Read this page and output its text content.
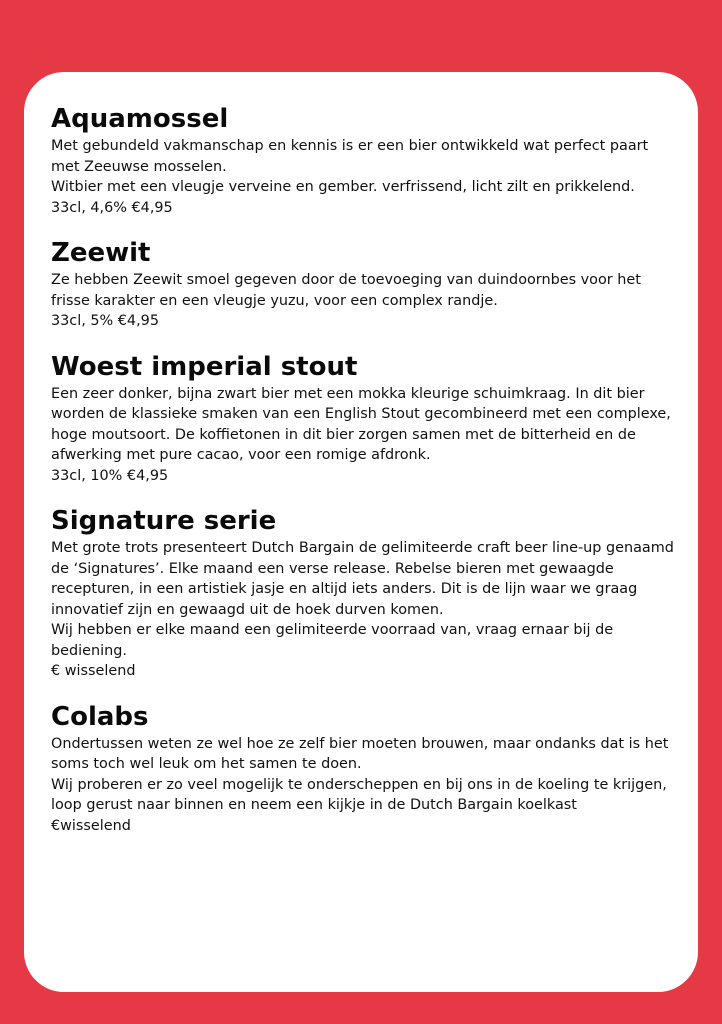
Aquamossel

Met gebundeld vakmanschap en kennis is er een bier ontwikkeld wat perfect paart met Zeeuwse mosselen.

Witbier met een vleugje verveine en gember. verfrissend, licht zilt en prikkelend.

33cl, 4,6% €4,95

Zeewit

Ze hebben Zeewit smoel gegeven door de toevoeging van duindoornbes voor het frisse karakter en een vleugje yuzu, voor een complex randje.

33cl, 5% €4,95

Woest imperial stout

Een zeer donker, bijna zwart bier met een mokka kleurige schuimkraag. In dit bier worden de klassieke smaken van een English Stout gecombineerd met een complexe, hoge moutsoort. De koffietonen in dit bier zorgen samen met de bitterheid en de afwerking met pure cacao, voor een romige afdronk.

33cl, 10% €4,95

Signature serie

Met grote trots presenteert Dutch Bargain de gelimiteerde craft beer line-up genaamd de ‘Signatures’. Elke maand een verse release. Rebelse bieren met gewaagde recepturen, in een artistiek jasje en altijd iets anders. Dit is de lijn waar we graag innovatief zijn en gewaagd uit de hoek durven komen.

Wij hebben er elke maand een gelimiteerde voorraad van, vraag ernaar bij de bediening.

€ wisselend

Colabs

Ondertussen weten ze wel hoe ze zelf bier moeten brouwen, maar ondanks dat is het soms toch wel leuk om het samen te doen.

Wij proberen er zo veel mogelijk te onderscheppen en bij ons in de koeling te krijgen, loop gerust naar binnen en neem een kijkje in de Dutch Bargain koelkast

€wisselend
